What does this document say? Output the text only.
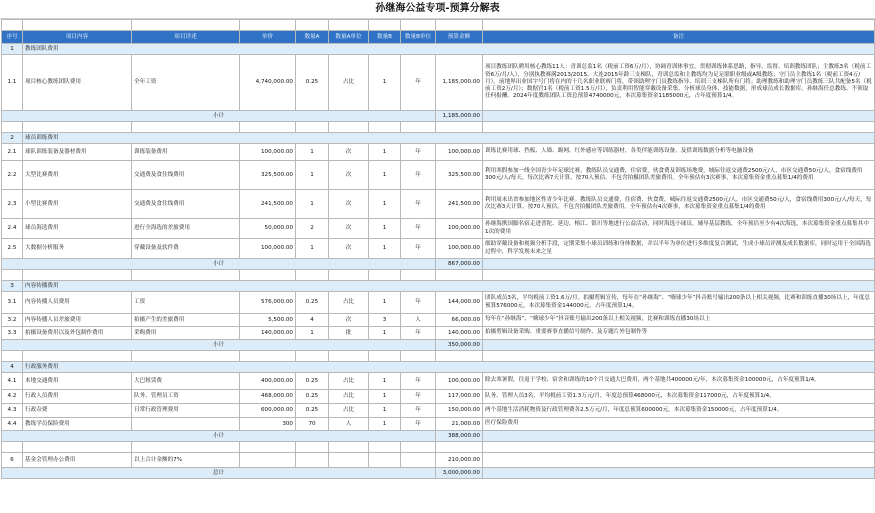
孙继海公益专项-预算分解表

序号	项目内容	项目详述	单价	数量A	数量A单位	数量B	数量B单位	预算金额	备注
1	教练团队费用								
1.1	项目核心教练团队费用	全年工资	4,740,000.00	0.25	占比	1	年	1,185,000.00	项目教练团队聘用核心教练11人：青训总监1名（税前工资6万/月），协调青训体事宜，贯彻训练体系思路，指导、监督、培训教练团队；主教练3名（税前工资6万/月/人），分别执教赛满2013/2015、大连2015年龄三支梯队，青训总监和主教练均为足足联职业级或A级教练；守门员主教练1名（税前工资4万/月），前地界出业国字号门将在内的十几名职业联赛门将，带领助理守门员教练指导、培训三支梯队所有门将；助理教练和助理守门员教练三队共配备5名（税前工资2万/月）；数据官1名（税前工资1.5万/月），负责利用智能穿戴设备采集、分析球员身体、技能数据，形成球员成长数据库。孙继海任总教练，不领取任何报酬。2024年度教练团队工资总预算4740000元，本次募集资金1185000元，占年度预算1/4。
小计								1,185,000.00	

2	球员训练费用								
2.1	球队训练装备及器材费用	训练装备费用	100,000.00	1	次	1	年	100,000.00	训练比赛用球、挡板、人墙、踢网、红外感应等训练器材，各类伴能训练设备，及供训练数据分析等电脑设备
2.2	大型比赛费用	交通费及食住线费用	325,500.00	1	次	1	年	325,500.00	利用寒假参加一线全国青少年足球比赛。教练队员交通费，住宿费，伙食费及训练场地费，城际往返交通费2500元/人，市区交通费50元/人，食宿线费用300元/人/每天，每次比赛7天计算，按70人预估。不包含拍摄团队差旅费用。全年预估有3次赛事，本次募集资金重点募集1/4的费用
2.3	小型比赛费用	交通费及食住线费用	241,500.00	1	次	1	年	241,500.00	利用周末出省参加地区性青少年比赛。教练队员交通费，住宿费，伙食费，城际往返交通费2500元/人，市区交通费50元/人，食宿线费用300元/人/每天，每次比赛3天计算，按70人预估，不包含拍摄团队差旅费用。全年预估有4次赛事，本次募集资金重点募集1/4的费用
2.4	球员海选费用	进行全海选的差旅费用	50,000.00	2	次	1	年	100,000.00	孙继海携国脚名宿走进普陀、延边、榕江、银川等地进行公益活动，同时海选小球员，辅导基层教练。全年预估至少有4次海选，本次募集资金重点募集其中1次的费用
2.5	大数据分析服务	穿戴设备及软件费	100,000.00	1	次	1	年	100,000.00	细助穿戴设备和视频分析手段，定期采集小球员训练和身体数据，并以半年为单位进行多维度复合测试，生成小球员评测及成长数据库，同时运用于全国海选过程中，科学发现未来之星
小计								867,000.00	

3	内容传播费用								
3.1	内容传播人员费用	工资	576,000.00	0.25	占比	1	年	144,000.00	团队成员3名，平均税前工资1.6万/月。拍摄剪辑宣传，每年在“孙继海”、“嗨球少年”抖音账号输出200条以上相关视频，比赛和训练直播30场以上，年度总预算576000元，本次募集资金144000元，占年度预算1/4。
3.2	内容传播人员差旅费用	拍摄产生的差旅费用	5,500.00	4	次	3	人	66,000.00	每年在“孙继海”、“嗨球少年”抖音账号输出200条以上相关视频，比赛和训练直播30场以上
3.3	拍摄设备费用以及外包制作费用	采购费用	140,000.00	1	批	1	年	140,000.00	拍摄剪辑设备采购、重要赛事直播信号制作、及专题片外包制作等
小计								350,000.00	

4	行政服务费用								
4.1	本地交通费用	大巴租赁费	400,000.00	0.25	占比	1	年	100,000.00	除去寒暑假，往返于学校、宿舍和训练的10个月交通大巴费用，两个基地共400000元/年，本次募集资金100000元，占年度预算1/4。
4.2	行政人员费用	队务、管理员工资	468,000.00	0.25	占比	1	年	117,000.00	队务、管理人员3名，平均税前工资1.3万元/月，年度总预算468000元，本次募集资金117000元，占年度预算1/4。
4.3	行政杂费	日常行政管理费用	600,000.00	0.25	占比	1	年	150,000.00	两个基地生活消耗物资及行政管理费各2.5万元/月，年度总预算600000元，本次募集资金150000元，占年度预算1/4。
4.4	教练学员保险费用		300	70	人	1	年	21,000.00	医疗保险费用
小计								388,000.00	

6	基金会管理办公费用	以上合计金额的7%						210,000.00	
总计								3,000,000.00	
